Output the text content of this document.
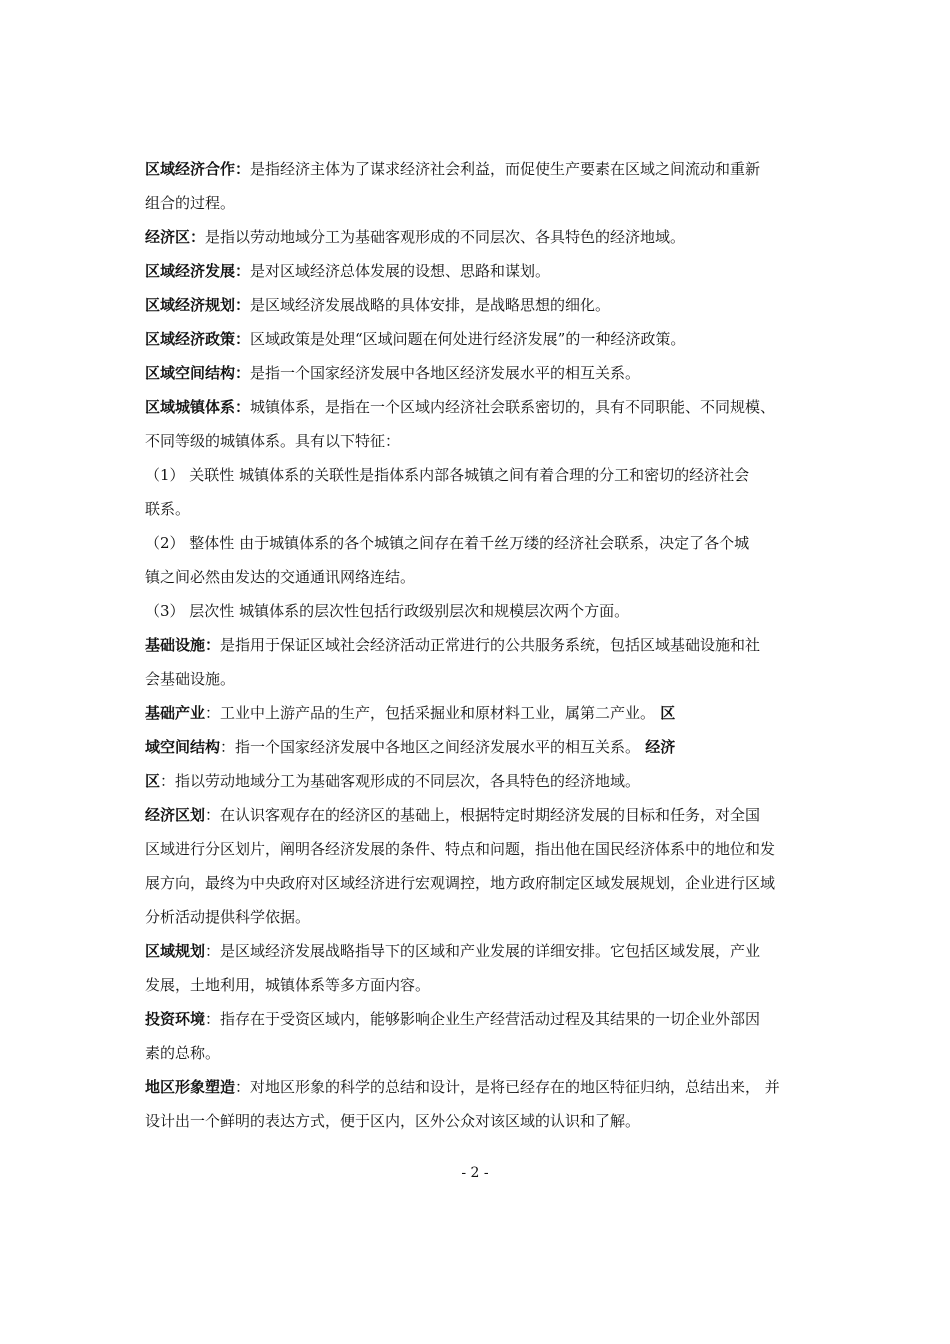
区域经济合作：是指经济主体为了谋求经济社会利益，而促使生产要素在区域之间流动和重新
组合的过程。
经济区：是指以劳动地域分工为基础客观形成的不同层次、各具特色的经济地域。
区域经济发展：是对区域经济总体发展的设想、思路和谋划。
区域经济规划：是区域经济发展战略的具体安排，是战略思想的细化。
区域经济政策：区域政策是处理“区域问题在何处进行经济发展”的一种经济政策。
区域空间结构：是指一个国家经济发展中各地区经济发展水平的相互关系。
区域城镇体系：城镇体系，是指在一个区域内经济社会联系密切的，具有不同职能、不同规模、
不同等级的城镇体系。具有以下特征：
（1） 关联性 城镇体系的关联性是指体系内部各城镇之间有着合理的分工和密切的经济社会
联系。
（2） 整体性 由于城镇体系的各个城镇之间存在着千丝万缕的经济社会联系，决定了各个城
镇之间必然由发达的交通通讯网络连结。
（3） 层次性 城镇体系的层次性包括行政级别层次和规模层次两个方面。
基础设施：是指用于保证区域社会经济活动正常进行的公共服务系统，包括区域基础设施和社
会基础设施。
基础产业：工业中上游产品的生产，包括采掘业和原材料工业，属第二产业。 区
域空间结构：指一个国家经济发展中各地区之间经济发展水平的相互关系。 经济
区：指以劳动地域分工为基础客观形成的不同层次，各具特色的经济地域。
经济区划：在认识客观存在的经济区的基础上，根据特定时期经济发展的目标和任务，对全国
区域进行分区划片，阐明各经济发展的条件、特点和问题，指出他在国民经济体系中的地位和发
展方向，最终为中央政府对区域经济进行宏观调控，地方政府制定区域发展规划，企业进行区域
分析活动提供科学依据。
区域规划：是区域经济发展战略指导下的区域和产业发展的详细安排。它包括区域发展，产业
发展，土地利用，城镇体系等多方面内容。
投资环境：指存在于受资区域内，能够影响企业生产经营活动过程及其结果的一切企业外部因
素的总称。
地区形象塑造：对地区形象的科学的总结和设计，是将已经存在的地区特征归纳，总结出来， 并
设计出一个鲜明的表达方式，便于区内，区外公众对该区域的认识和了解。
- 2 -
